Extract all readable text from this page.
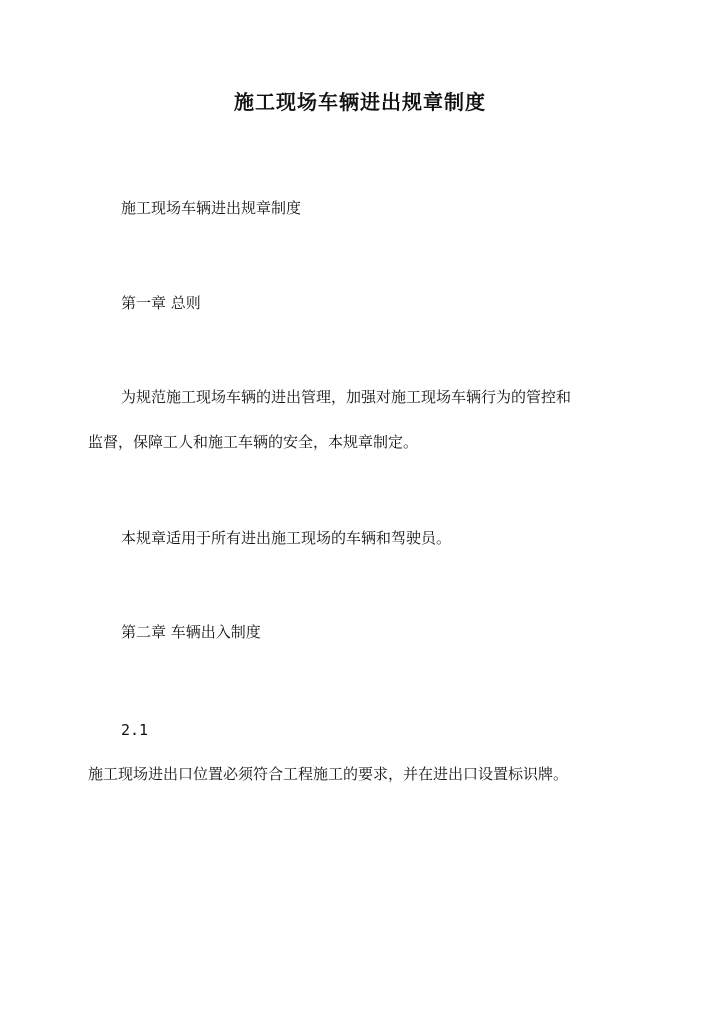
施工现场车辆进出规章制度
施工现场车辆进出规章制度
第一章 总则
为规范施工现场车辆的进出管理，加强对施工现场车辆行为的管控和
监督，保障工人和施工车辆的安全，本规章制定。
本规章适用于所有进出施工现场的车辆和驾驶员。
第二章 车辆出入制度
2.1
施工现场进出口位置必须符合工程施工的要求，并在进出口设置标识牌。
